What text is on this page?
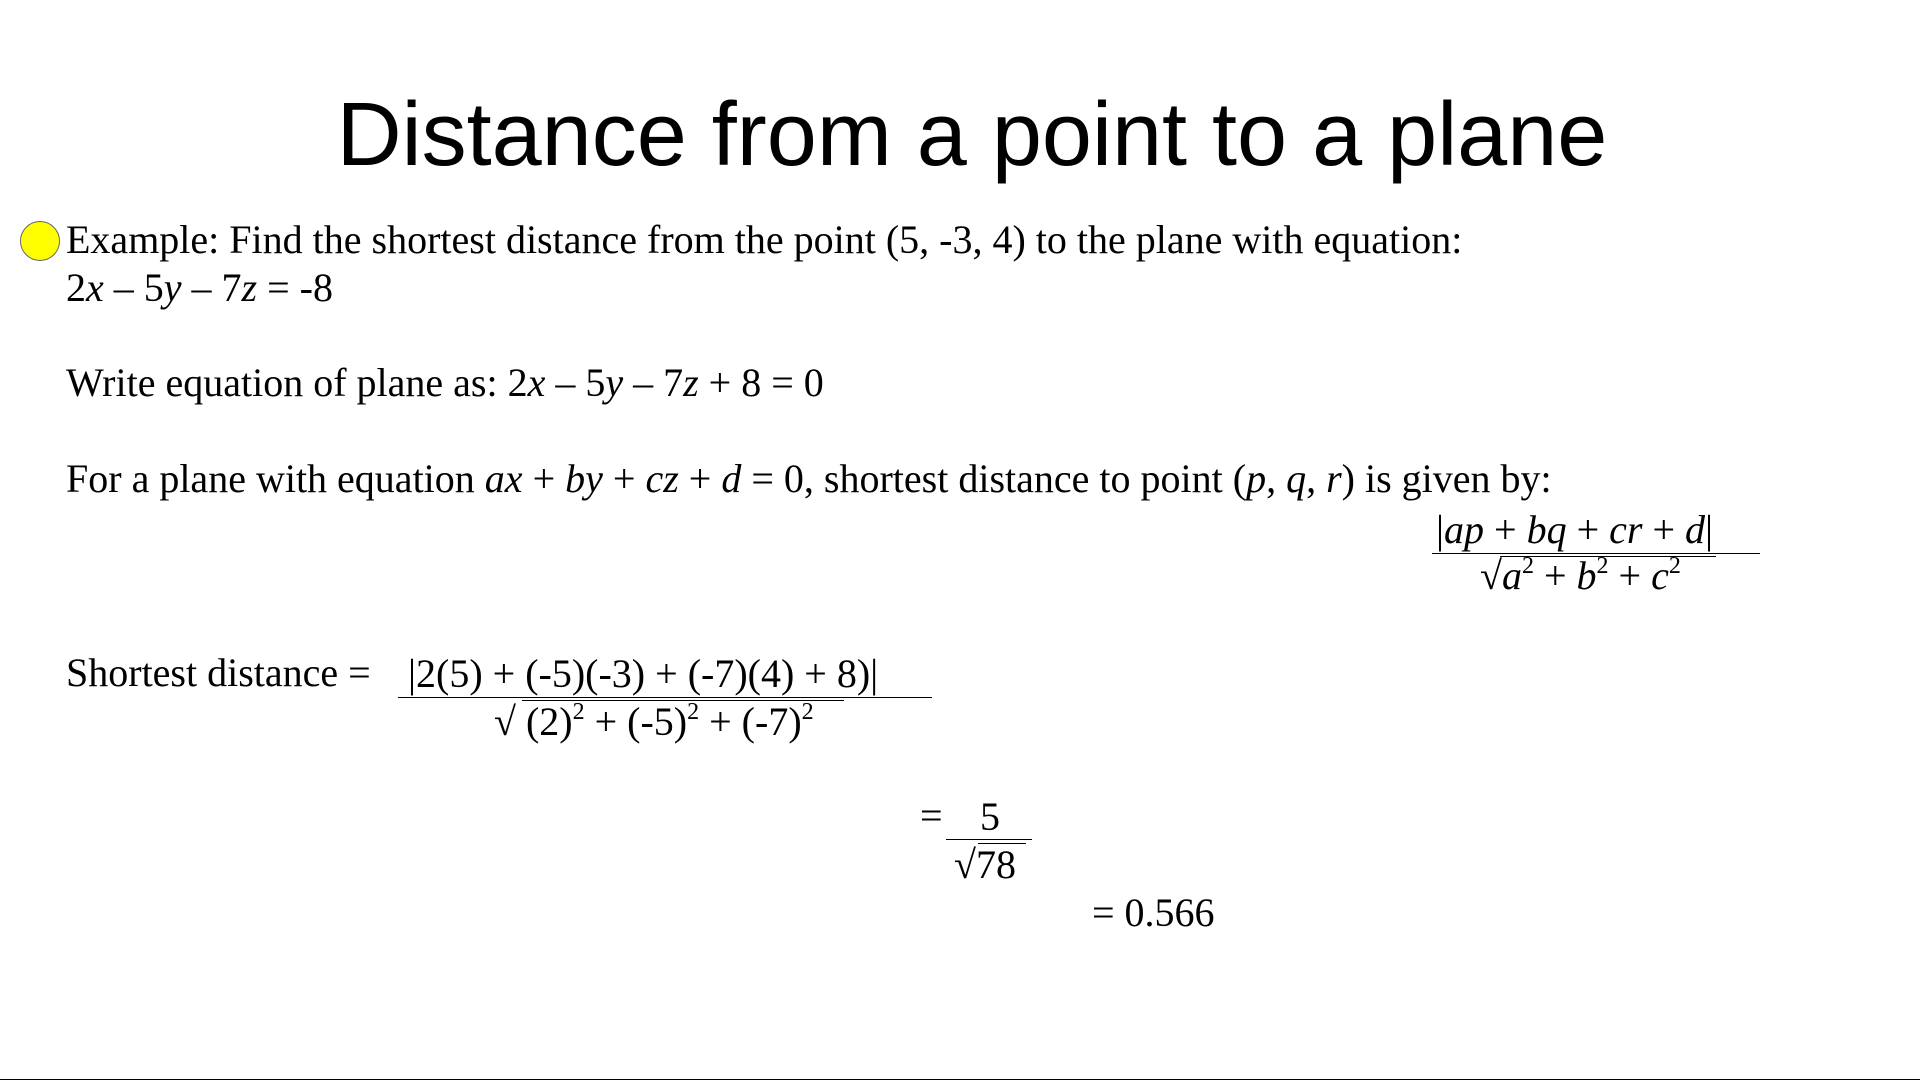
Distance from a point to a plane
Example: Find the shortest distance from the point (5, -3, 4) to the plane with equation:
2x – 5y – 7z = -8
Write equation of plane as: 2x – 5y – 7z + 8 = 0
For a plane with equation ax + by + cz + d = 0, shortest distance to point (p, q, r) is given by:
|ap + bq + cr + d|
$√a^2 + b^2 + c^2$
Shortest distance = |2(5) + (-5)(-3) + (-7)(4) + 8)|
√ $(2)^2 + (-5)^2 + (-7)^2$
= 5
√78
= 0.566
